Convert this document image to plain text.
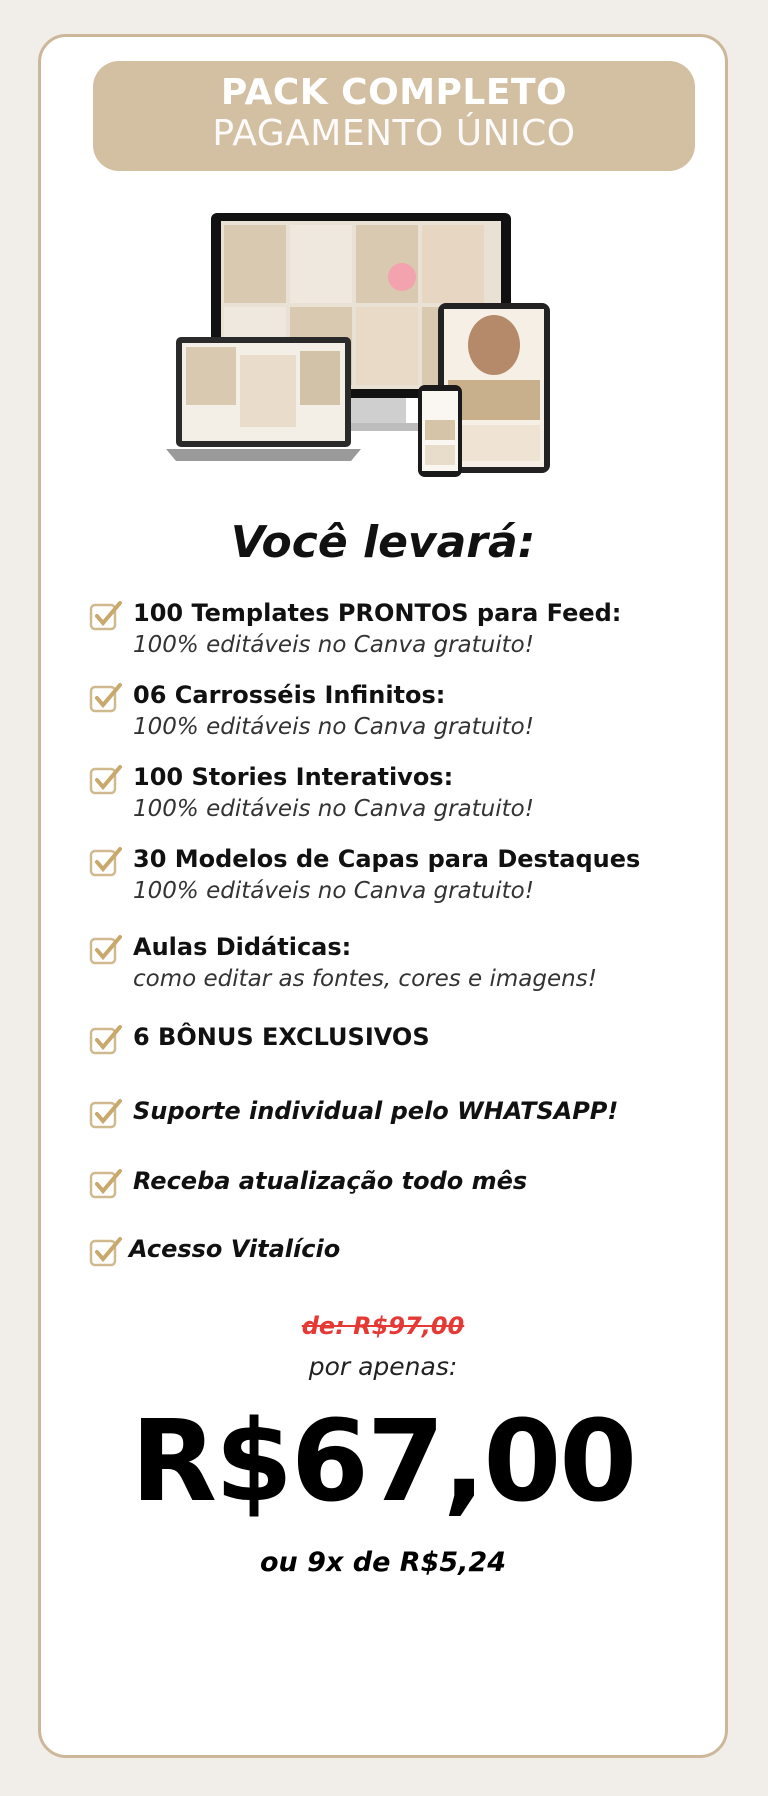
PACK COMPLETO
PAGAMENTO ÚNICO
Você levará:
100 Templates PRONTOS para Feed:
100% editáveis no Canva gratuito!
06 Carrosséis Infinitos:
100% editáveis no Canva gratuito!
100 Stories Interativos:
100% editáveis no Canva gratuito!
30 Modelos de Capas para Destaques
100% editáveis no Canva gratuito!
Aulas Didáticas:
como editar as fontes, cores e imagens!
6 BÔNUS EXCLUSIVOS
Suporte individual pelo WHATSAPP!
Receba atualização todo mês
Acesso Vitalício
de: R$97,00
por apenas:
R$67,00
ou 9x de R$5,24
